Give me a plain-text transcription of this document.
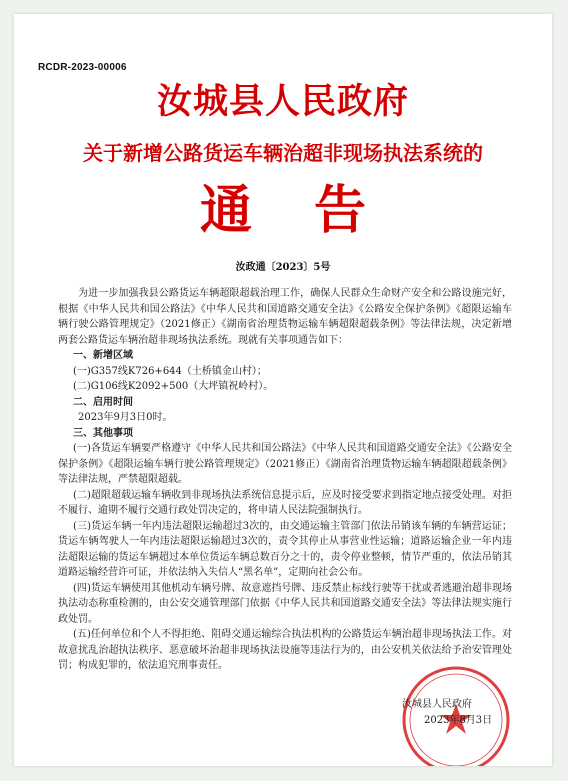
RCDR-2023-00006
汝城县人民政府
关于新增公路货运车辆治超非现场执法系统的
通告
汝政通〔2023〕5号

为进一步加强我县公路货运车辆超限超载治理工作，确保人民群众生命财产安全和公路设施完好，根据《中华人民共和国公路法》《中华人民共和国道路交通安全法》《公路安全保护条例》《超限运输车辆行驶公路管理规定》（2021修正）《湖南省治理货物运输车辆超限超载条例》等法律法规，决定新增两套公路货运车辆治超非现场执法系统。现就有关事项通告如下：

一、新增区域

(一)G357线K726+644（土桥镇金山村）；

(二)G106线K2092+500（大坪镇祝岭村）。

二、启用时间

2023年9月3日0时。

三、其他事项

(一)各货运车辆要严格遵守《中华人民共和国公路法》《中华人民共和国道路交通安全法》《公路安全保护条例》《超限运输车辆行驶公路管理规定》（2021修正）《湖南省治理货物运输车辆超限超载条例》等法律法规，严禁超限超载。

(二)超限超载运输车辆收到非现场执法系统信息提示后，应及时接受要求到指定地点接受处理。对拒不履行、逾期不履行交通行政处罚决定的，将申请人民法院强制执行。

(三)货运车辆一年内违法超限运输超过3次的，由交通运输主管部门依法吊销该车辆的车辆营运证；货运车辆驾驶人一年内违法超限运输超过3次的，责令其停止从事营业性运输；道路运输企业一年内违法超限运输的货运车辆超过本单位货运车辆总数百分之十的，责令停业整顿，情节严重的，依法吊销其道路运输经营许可证，并依法纳入失信人“黑名单”，定期向社会公布。

(四)货运车辆使用其他机动车辆号牌、故意遮挡号牌、违反禁止标线行驶等干扰或者逃避治超非现场执法动态称重检测的，由公安交通管理部门依据《中华人民共和国道路交通安全法》等法律法规实施行政处罚。

(五)任何单位和个人不得拒绝、阻碍交通运输综合执法机构的公路货运车辆治超非现场执法工作。对故意扰乱治超执法秩序、恶意破坏治超非现场执法设施等违法行为的，由公安机关依法给予治安管理处罚；构成犯罪的，依法追究刑事责任。

汝城县人民政府
2023年8月3日
